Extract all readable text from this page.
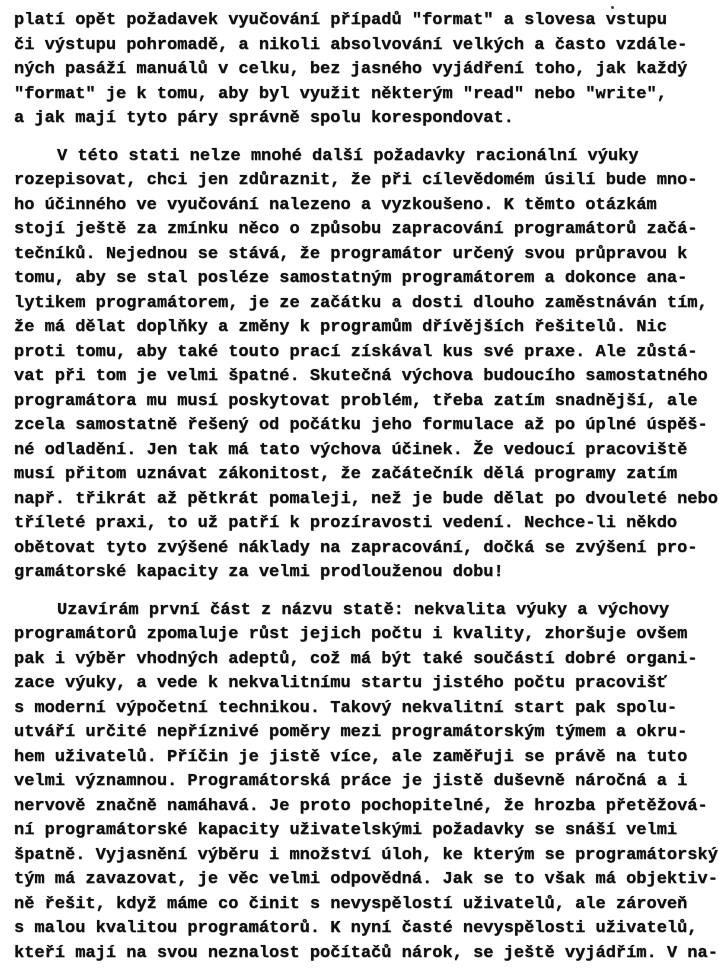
platí opět požadavek vyučování případů "format" a slovesa vstupu
či výstupu pohromadě, a nikoli absolvování velkých a často vzdále-
ných pasáží manuálů v celku, bez jasného vyjádření toho, jak každý
"format" je k tomu, aby byl využit některým "read" nebo "write",
a jak mají tyto páry správně spolu korespondovat.
V této stati nelze mnohé další požadavky racionální výuky
rozepisovat, chci jen zdůraznit, že při cílevědomém úsilí bude mno-
ho účinného ve vyučování nalezeno a vyzkoušeno. K těmto otázkám
stojí ještě za zmínku něco o způsobu zapracování programátorů začá-
tečníků. Nejednou se stává, že programátor určený svou průpravou k
tomu, aby se stal posléze samostatným programátorem a dokonce ana-
lytikem programátorem, je ze začátku a dosti dlouho zaměstnáván tím,
že má dělat doplňky a změny k programům dřívějších řešitelů. Nic
proti tomu, aby také touto prací získával kus své praxe. Ale zůstá-
vat při tom je velmi špatné. Skutečná výchova budoucího samostatného
programátora mu musí poskytovat problém, třeba zatím snadnější, ale
zcela samostatně řešený od počátku jeho formulace až po úplné úspěš-
né odladění. Jen tak má tato výchova účinek. Že vedoucí pracoviště
musí přitom uznávat zákonitost, že začátečník dělá programy zatím
např. třikrát až pětkrát pomaleji, než je bude dělat po dvouleté nebo
tříleté praxi, to už patří k prozíravosti vedení. Nechce-li někdo
obětovat tyto zvýšené náklady na zapracování, dočká se zvýšení pro-
gramátorské kapacity za velmi prodlouženou dobu!
Uzavírám první část z názvu statě: nekvalita výuky a výchovy
programátorů zpomaluje růst jejich počtu i kvality, zhoršuje ovšem
pak i výběr vhodných adeptů, což má být také součástí dobré organi-
zace výuky, a vede k nekvalitnímu startu jistého počtu pracovišť
s moderní výpočetní technikou. Takový nekvalitní start pak spolu-
utváří určité nepříznivé poměry mezi programátorským týmem a okru-
hem uživatelů. Příčin je jistě více, ale zaměřuji se právě na tuto
velmi významnou. Programátorská práce je jistě duševně náročná a i
nervově značně namáhavá. Je proto pochopitelné, že hrozba přetěžová-
ní programátorské kapacity uživatelskými požadavky se snáší velmi
špatně. Vyjasnění výběru i množství úloh, ke kterým se programátorský
tým má zavazovat, je věc velmi odpovědná. Jak se to však má objektiv-
ně řešit, když máme co činit s nevyspělostí uživatelů, ale zároveň
s malou kvalitou programátorů. K nyní časté nevyspělosti uživatelů,
kteří mají na svou neznalost počítačů nárok, se ještě vyjádřím. V na-
